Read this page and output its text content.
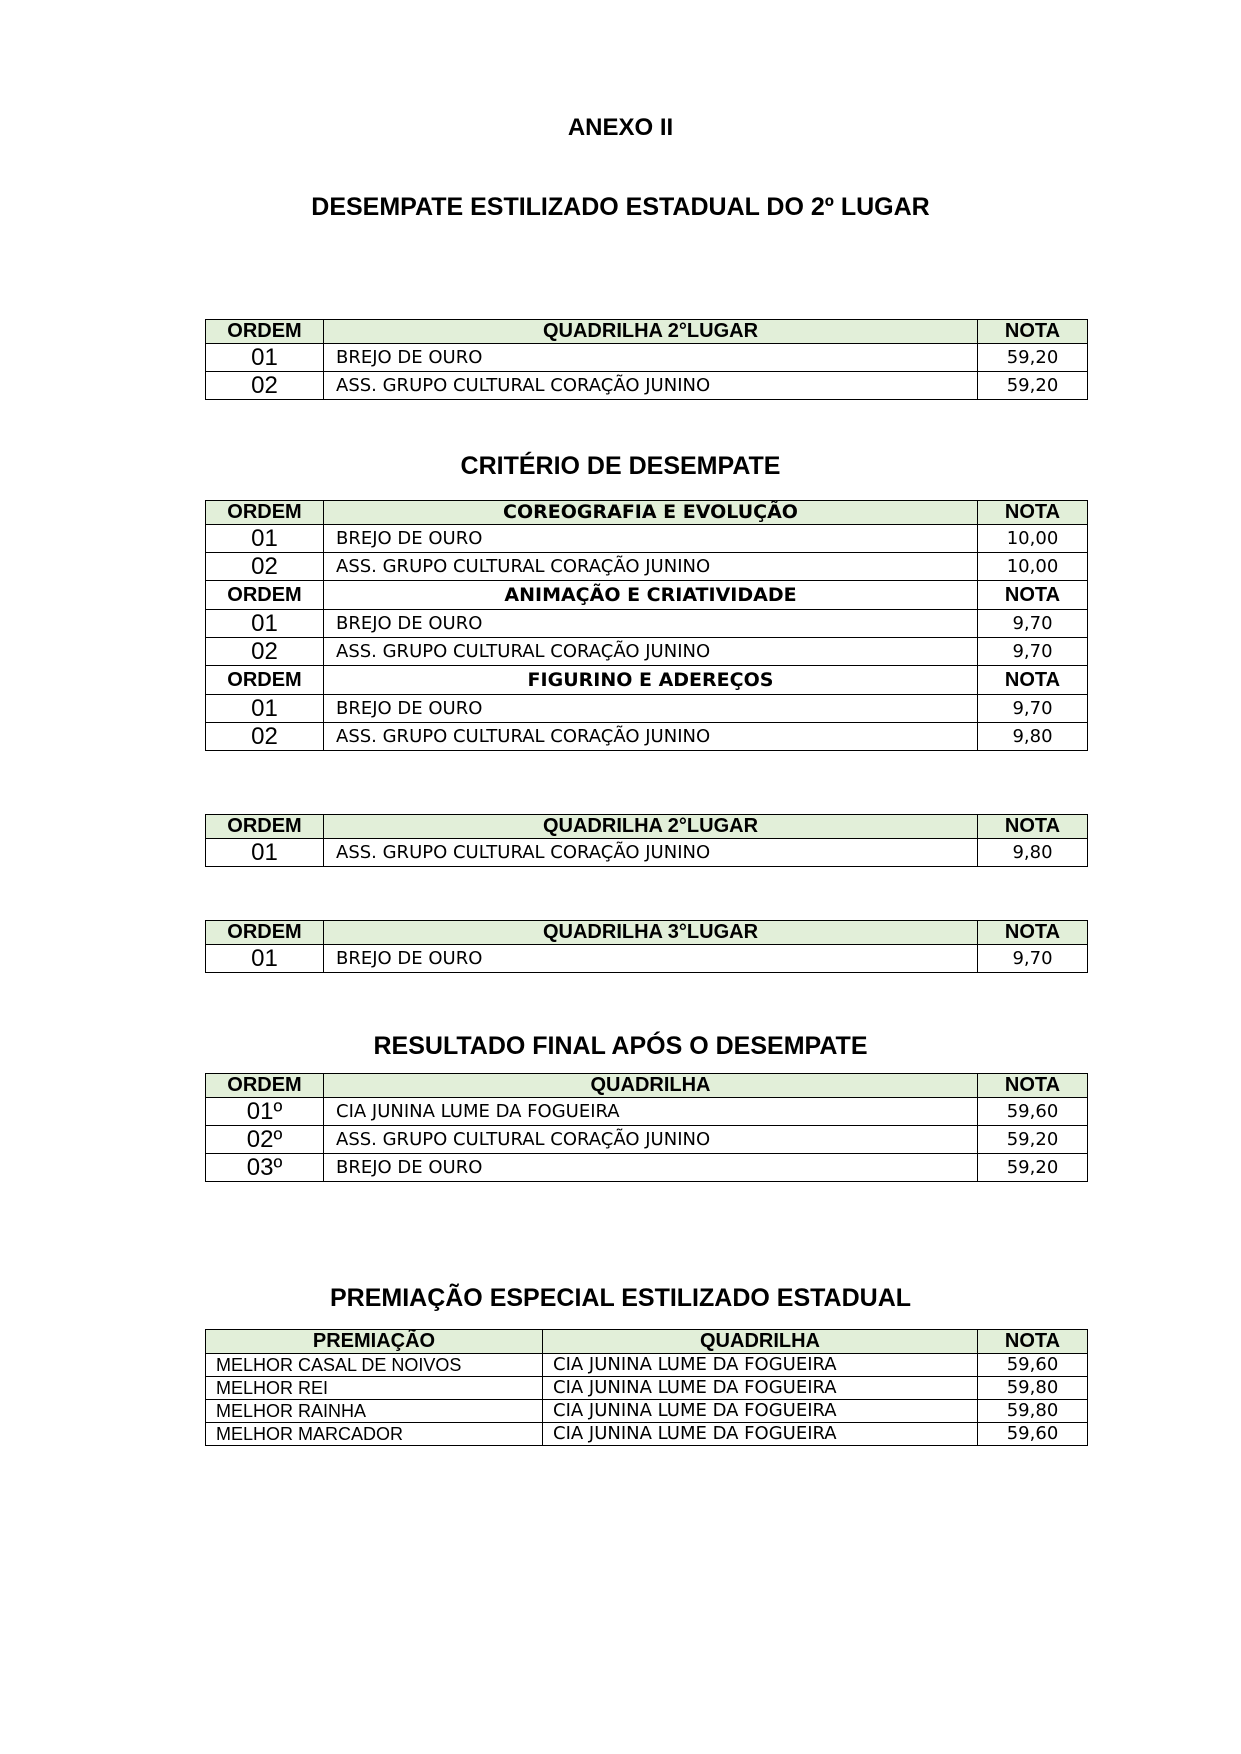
ANEXO II
DESEMPATE ESTILIZADO ESTADUAL DO 2º LUGAR
ORDEM	QUADRILHA 2°LUGAR	NOTA
01	BREJO DE OURO	59,20
02	ASS. GRUPO CULTURAL CORAÇÃO JUNINO	59,20
CRITÉRIO DE DESEMPATE
ORDEM	COREOGRAFIA E EVOLUÇÃO	NOTA
01	BREJO DE OURO	10,00
02	ASS. GRUPO CULTURAL CORAÇÃO JUNINO	10,00
ORDEM	ANIMAÇÃO E CRIATIVIDADE	NOTA
01	BREJO DE OURO	9,70
02	ASS. GRUPO CULTURAL CORAÇÃO JUNINO	9,70
ORDEM	FIGURINO E ADEREÇOS	NOTA
01	BREJO DE OURO	9,70
02	ASS. GRUPO CULTURAL CORAÇÃO JUNINO	9,80
ORDEM	QUADRILHA 2°LUGAR	NOTA
01	ASS. GRUPO CULTURAL CORAÇÃO JUNINO	9,80
ORDEM	QUADRILHA 3°LUGAR	NOTA
01	BREJO DE OURO	9,70
RESULTADO FINAL APÓS O DESEMPATE
ORDEM	QUADRILHA	NOTA
01º	CIA JUNINA LUME DA FOGUEIRA	59,60
02º	ASS. GRUPO CULTURAL CORAÇÃO JUNINO	59,20
03º	BREJO DE OURO	59,20
PREMIAÇÃO ESPECIAL ESTILIZADO ESTADUAL
PREMIAÇÃO	QUADRILHA	NOTA
MELHOR CASAL DE NOIVOS	CIA JUNINA LUME DA FOGUEIRA	59,60
MELHOR REI	CIA JUNINA LUME DA FOGUEIRA	59,80
MELHOR RAINHA	CIA JUNINA LUME DA FOGUEIRA	59,80
MELHOR MARCADOR	CIA JUNINA LUME DA FOGUEIRA	59,60
